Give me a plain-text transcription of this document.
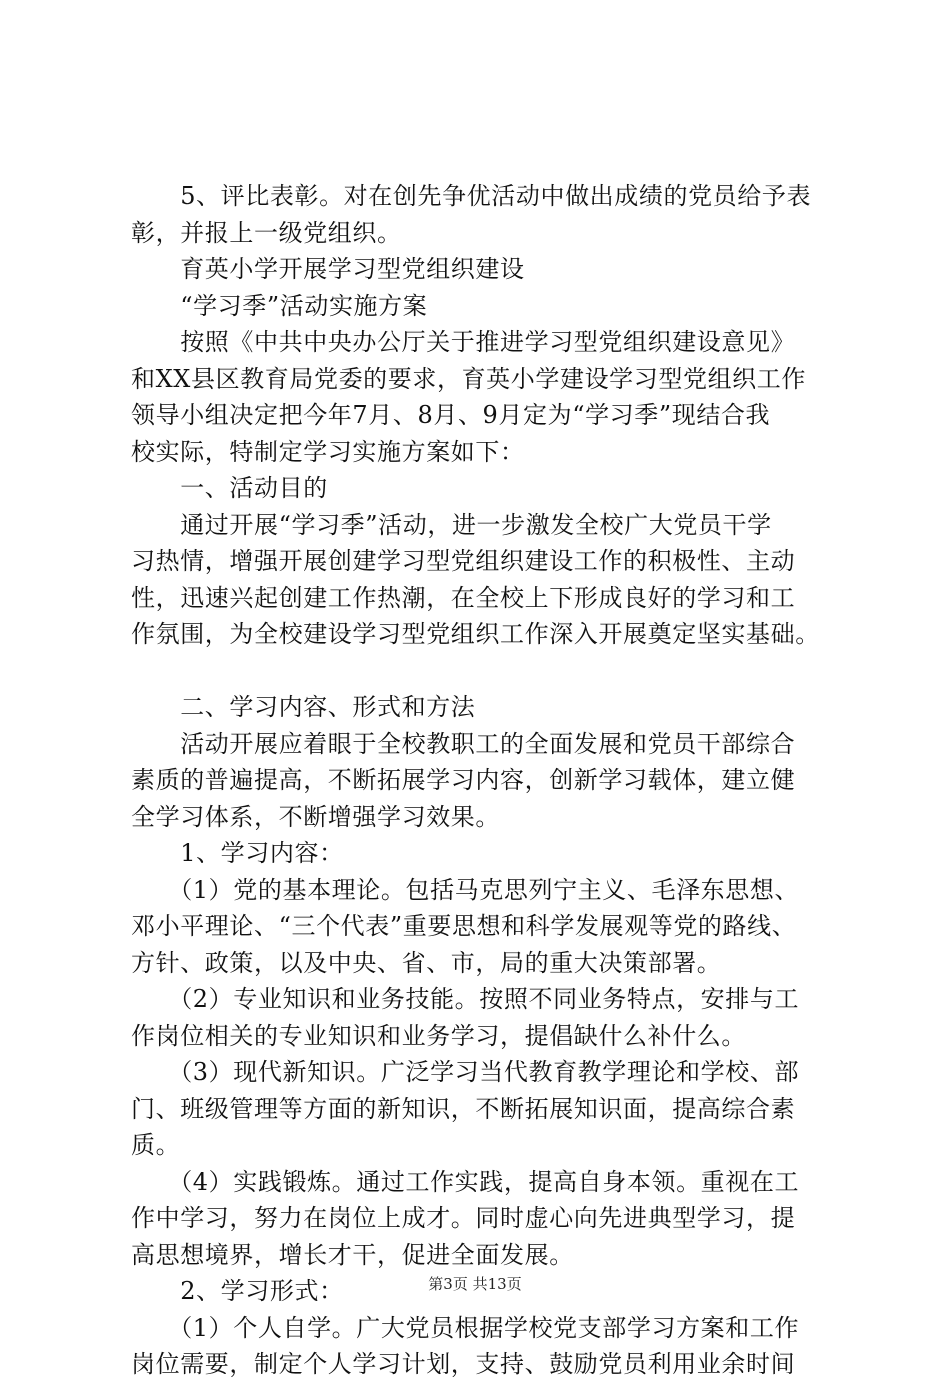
　　5、评比表彰。对在创先争优活动中做出成绩的党员给予表
彰，并报上一级党组织。
　　育英小学开展学习型党组织建设
　　“学习季”活动实施方案
　　按照《中共中央办公厅关于推进学习型党组织建设意见》
和XX县区教育局党委的要求，育英小学建设学习型党组织工作
领导小组决定把今年7月、8月、9月定为“学习季”现结合我
校实际，特制定学习实施方案如下：
　　一、活动目的
　　通过开展“学习季”活动，进一步激发全校广大党员干学
习热情，增强开展创建学习型党组织建设工作的积极性、主动
性，迅速兴起创建工作热潮，在全校上下形成良好的学习和工
作氛围，为全校建设学习型党组织工作深入开展奠定坚实基础。
　　二、学习内容、形式和方法
　　活动开展应着眼于全校教职工的全面发展和党员干部综合
素质的普遍提高，不断拓展学习内容，创新学习载体，建立健
全学习体系，不断增强学习效果。
　　1、学习内容：
　　（1）党的基本理论。包括马克思列宁主义、毛泽东思想、
邓小平理论、“三个代表”重要思想和科学发展观等党的路线、
方针、政策，以及中央、省、市，局的重大决策部署。
　　（2）专业知识和业务技能。按照不同业务特点，安排与工
作岗位相关的专业知识和业务学习，提倡缺什么补什么。
　　（3）现代新知识。广泛学习当代教育教学理论和学校、部
门、班级管理等方面的新知识，不断拓展知识面，提高综合素
质。
　　（4）实践锻炼。通过工作实践，提高自身本领。重视在工
作中学习，努力在岗位上成才。同时虚心向先进典型学习，提
高思想境界，增长才干，促进全面发展。
　　2、学习形式：
　　（1）个人自学。广大党员根据学校党支部学习方案和工作
岗位需要，制定个人学习计划，支持、鼓励党员利用业余时间
第3页 共13页
